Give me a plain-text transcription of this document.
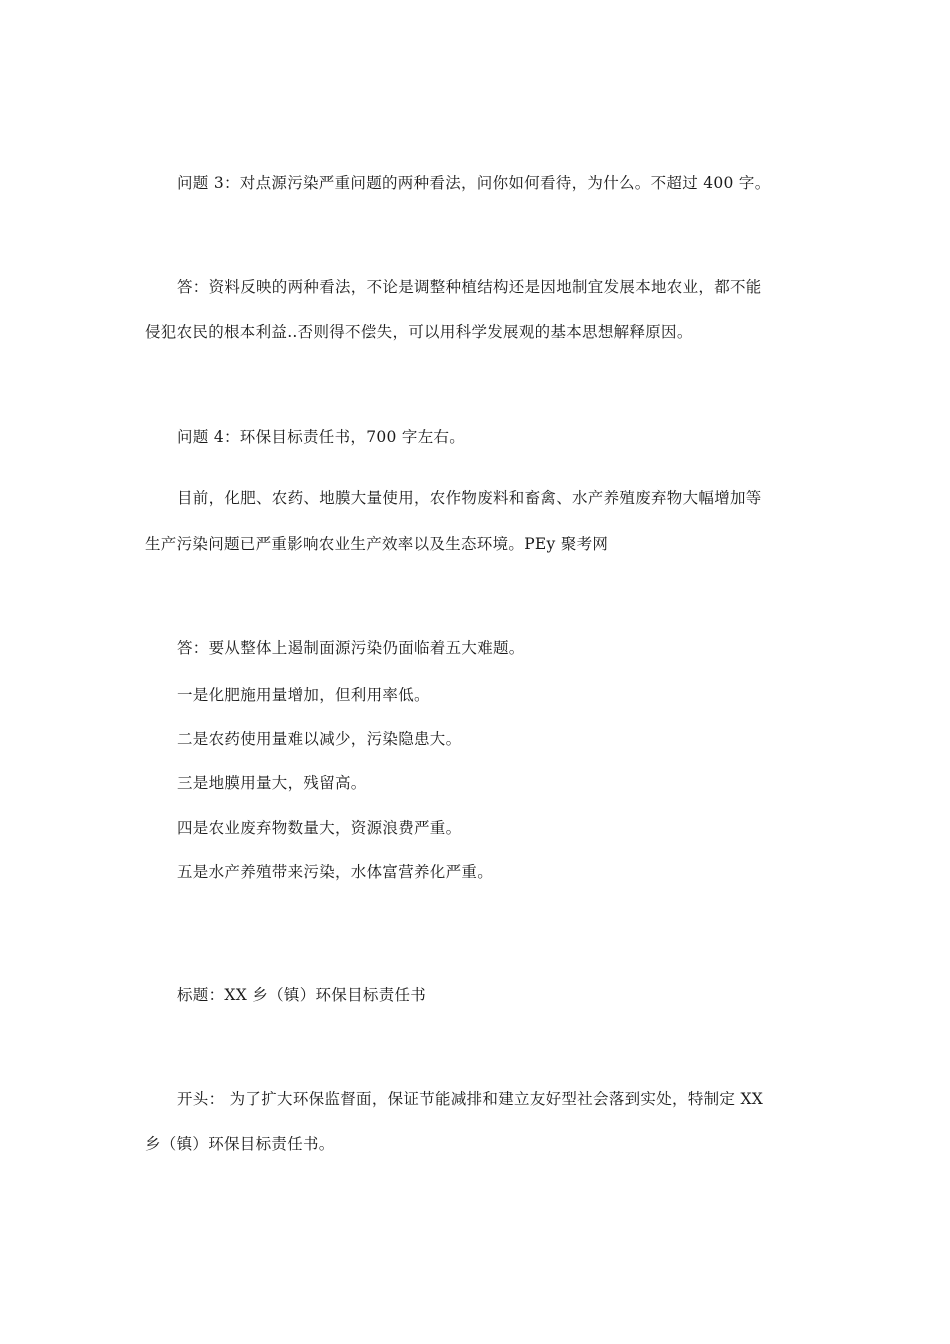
问题 3：对点源污染严重问题的两种看法，问你如何看待，为什么。不超过 400 字。
答：资料反映的两种看法，不论是调整种植结构还是因地制宜发展本地农业，都不能
侵犯农民的根本利益..否则得不偿失，可以用科学发展观的基本思想解释原因。
问题 4：环保目标责任书，700 字左右。
目前，化肥、农药、地膜大量使用，农作物废料和畜禽、水产养殖废弃物大幅增加等
生产污染问题已严重影响农业生产效率以及生态环境。PEy 聚考网
答：要从整体上遏制面源污染仍面临着五大难题。
一是化肥施用量增加，但利用率低。
二是农药使用量难以减少，污染隐患大。
三是地膜用量大，残留高。
四是农业废弃物数量大，资源浪费严重。
五是水产养殖带来污染，水体富营养化严重。
标题：XX 乡（镇）环保目标责任书
开头： 为了扩大环保监督面，保证节能减排和建立友好型社会落到实处，特制定 XX
乡（镇）环保目标责任书。
